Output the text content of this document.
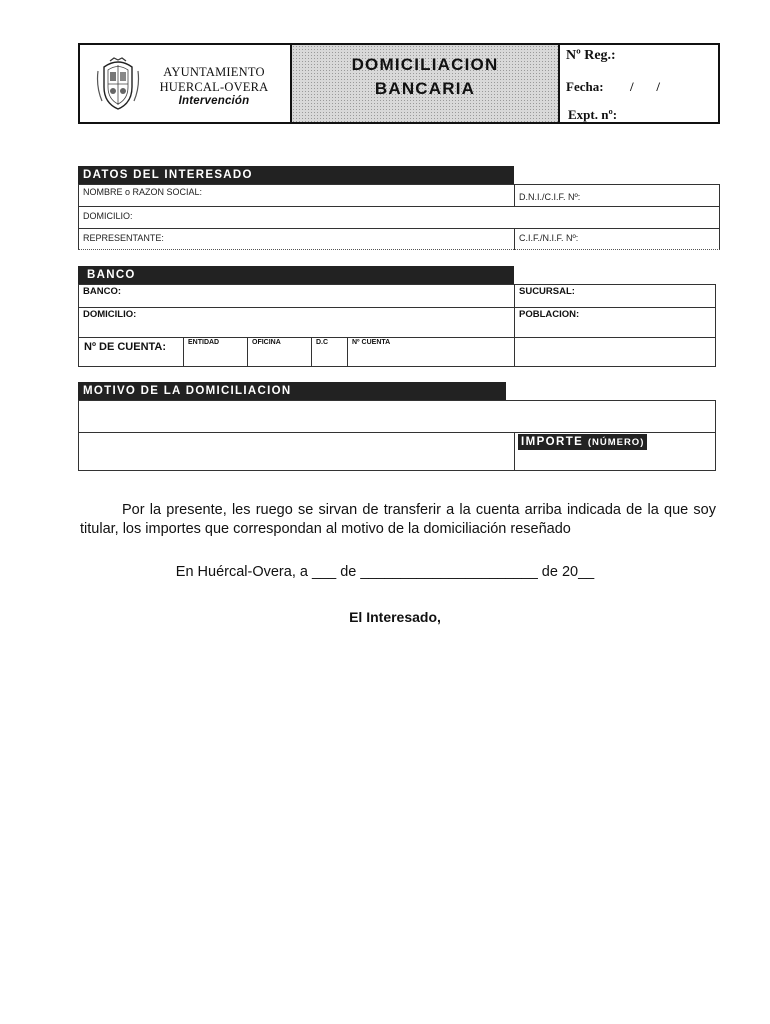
AYUNTAMIENTO
HUERCAL-OVERA
Intervención
DOMICILIACION
BANCARIA
Nº Reg.:
Fecha: /       /
Expt. nº:
DATOS DEL INTERESADO
NOMBRE o RAZON SOCIAL:	D.N.I./C.I.F. Nº:
DOMICILIO:
REPRESENTANTE:	C.I.F./N.I.F. Nº:
BANCO
BANCO:	SUCURSAL:
DOMICILIO:	POBLACION:
Nº DE CUENTA:	ENTIDAD	OFICINA	D.C	Nº CUENTA
MOTIVO DE LA DOMICILIACION
IMPORTE (NÚMERO)
Por la presente, les ruego se sirvan de transferir a la cuenta arriba indicada de la que soy titular, los importes que correspondan al motivo de la domiciliación reseñado
En Huércal-Overa, a ___ de ______________________ de 20__
El Interesado,
